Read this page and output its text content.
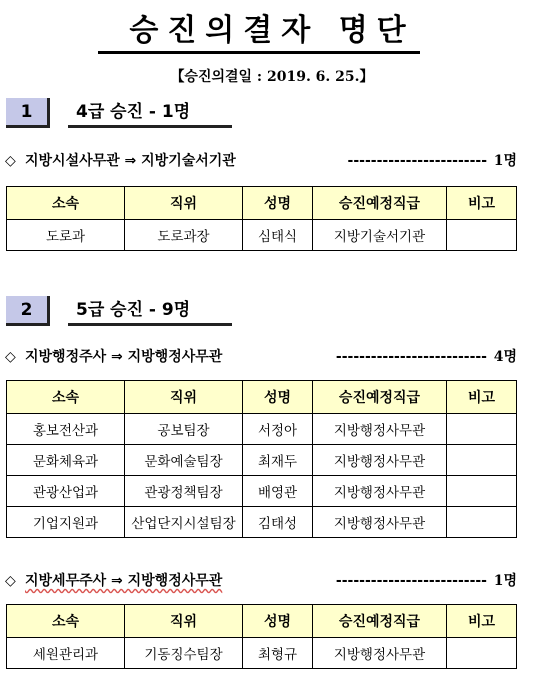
승진의결자 명단
【승진의결일 : 2019. 6. 25.】
1	4급 승진 - 1명
◇ 지방시설사무관 ⇒ 지방기술서기관	------------------------ 1명
소속	직위	성명	승진예정직급	비고
도로과	도로과장	심태식	지방기술서기관	
2	5급 승진 - 9명
◇ 지방행정주사 ⇒ 지방행정사무관	-------------------------- 4명
소속	직위	성명	승진예정직급	비고
홍보전산과	공보팀장	서정아	지방행정사무관	
문화체육과	문화예술팀장	최재두	지방행정사무관	
관광산업과	관광정책팀장	배영관	지방행정사무관	
기업지원과	산업단지시설팀장	김태성	지방행정사무관	
◇ 지방세무주사 ⇒ 지방행정사무관	-------------------------- 1명
소속	직위	성명	승진예정직급	비고
세원관리과	기동징수팀장	최형규	지방행정사무관	
